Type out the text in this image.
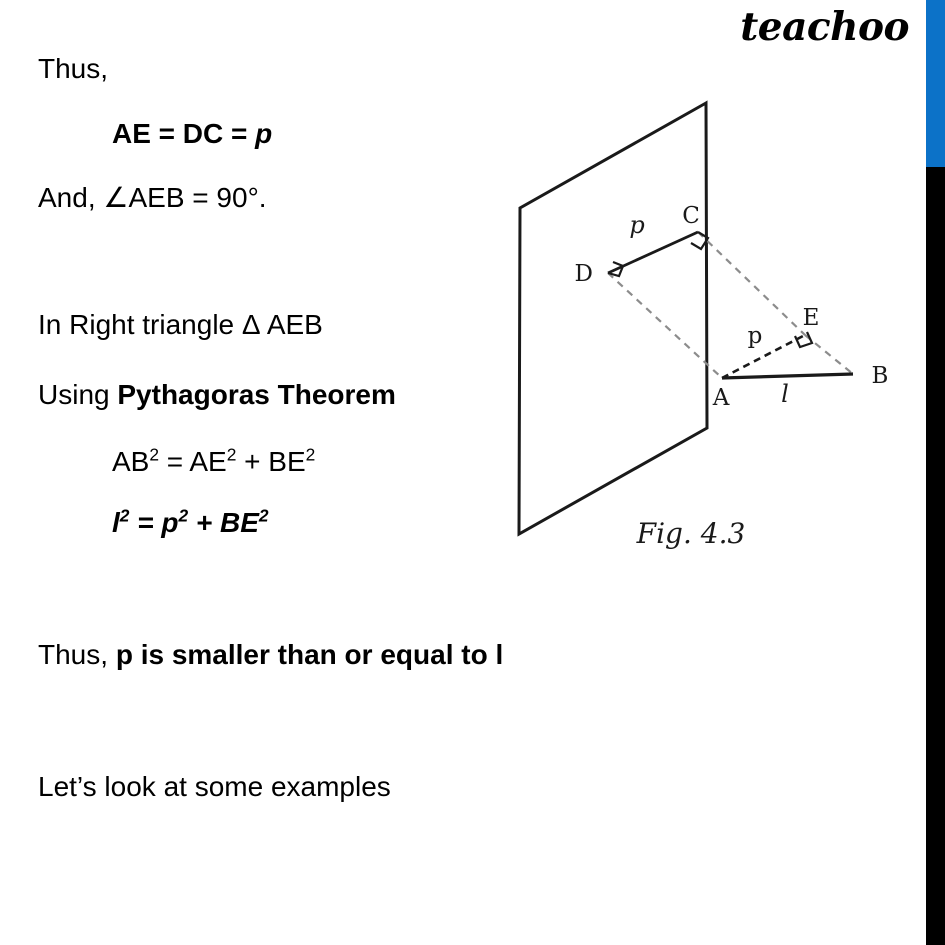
teachoo
Thus,
AE = DC = p
And, ∠AEB = 90°.
In Right triangle Δ AEB
Using Pythagoras Theorem
$AB^2 = AE^2 + BE^2$
$l^2 = p^2 + BE^2$
Thus, p is smaller than or equal to l
Let’s look at some examples
C
D
A
E
B
p
p
l
Fig. 4.3
